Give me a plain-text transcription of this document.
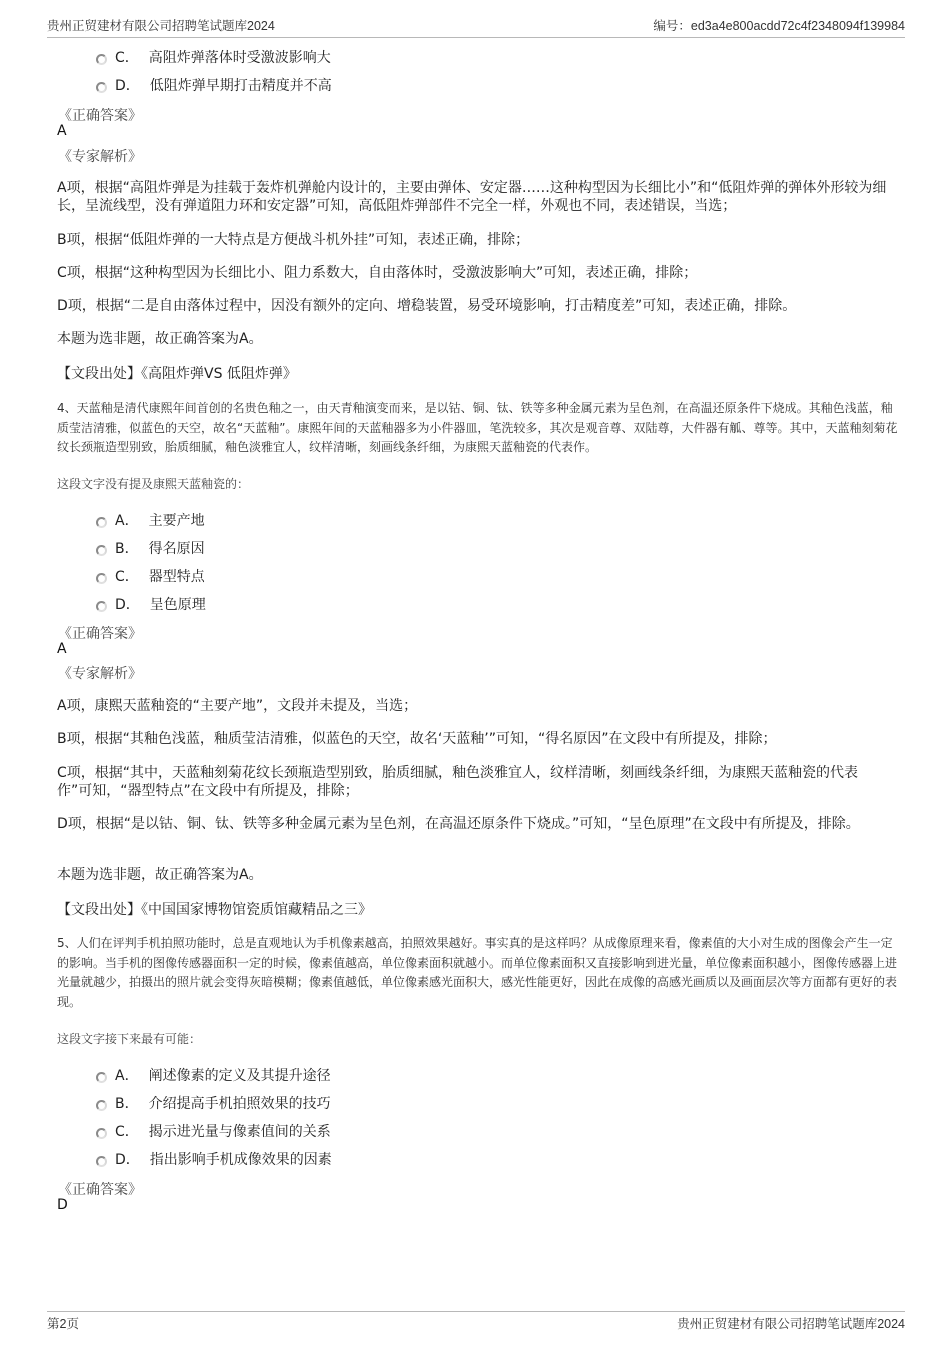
贵州正贸建材有限公司招聘笔试题库2024	编号：ed3a4e800acdd72c4f2348094f139984
C． 高阻炸弹落体时受激波影响大
D． 低阻炸弹早期打击精度并不高
《正确答案》
A
《专家解析》
A项，根据“高阻炸弹是为挂载于轰炸机弹舱内设计的，主要由弹体、安定器……这种构型因为长细比小”和“低阻炸弹的弹体外形较为细长，呈流线型，没有弹道阻力环和安定器”可知，高低阻炸弹部件不完全一样，外观也不同，表述错误，当选；
B项，根据“低阻炸弹的一大特点是方便战斗机外挂”可知，表述正确，排除；
C项，根据“这种构型因为长细比小、阻力系数大，自由落体时，受激波影响大”可知，表述正确，排除；
D项，根据“二是自由落体过程中，因没有额外的定向、增稳装置，易受环境影响，打击精度差”可知，表述正确，排除。
本题为选非题，故正确答案为A。
【文段出处】《高阻炸弹VS 低阻炸弹》
4、天蓝釉是清代康熙年间首创的名贵色釉之一，由天青釉演变而来，是以钴、铜、钛、铁等多种金属元素为呈色剂，在高温还原条件下烧成。其釉色浅蓝，釉质莹洁清雅，似蓝色的天空，故名“天蓝釉”。康熙年间的天蓝釉器多为小件器皿，笔洗较多，其次是观音尊、双陆尊，大件器有觚、尊等。其中，天蓝釉刻菊花纹长颈瓶造型别致，胎质细腻，釉色淡雅宜人，纹样清晰，刻画线条纤细，为康熙天蓝釉瓷的代表作。
这段文字没有提及康熙天蓝釉瓷的：
A． 主要产地
B． 得名原因
C． 器型特点
D． 呈色原理
《正确答案》
A
《专家解析》
A项，康熙天蓝釉瓷的“主要产地”，文段并未提及，当选；
B项，根据“其釉色浅蓝，釉质莹洁清雅，似蓝色的天空，故名‘天蓝釉’”可知，“得名原因”在文段中有所提及，排除；
C项，根据“其中，天蓝釉刻菊花纹长颈瓶造型别致，胎质细腻，釉色淡雅宜人，纹样清晰，刻画线条纤细，为康熙天蓝釉瓷的代表作”可知，“器型特点”在文段中有所提及，排除；
D项，根据“是以钴、铜、钛、铁等多种金属元素为呈色剂，在高温还原条件下烧成。”可知，“呈色原理”在文段中有所提及，排除。
本题为选非题，故正确答案为A。
【文段出处】《中国国家博物馆瓷质馆藏精品之三》
5、人们在评判手机拍照功能时，总是直观地认为手机像素越高，拍照效果越好。事实真的是这样吗？从成像原理来看，像素值的大小对生成的图像会产生一定的影响。当手机的图像传感器面积一定的时候，像素值越高，单位像素面积就越小。而单位像素面积又直接影响到进光量，单位像素面积越小，图像传感器上进光量就越少，拍摄出的照片就会变得灰暗模糊；像素值越低，单位像素感光面积大，感光性能更好，因此在成像的高感光画质以及画面层次等方面都有更好的表现。
这段文字接下来最有可能：
A． 阐述像素的定义及其提升途径
B． 介绍提高手机拍照效果的技巧
C． 揭示进光量与像素值间的关系
D． 指出影响手机成像效果的因素
《正确答案》
D
第2页	贵州正贸建材有限公司招聘笔试题库2024
